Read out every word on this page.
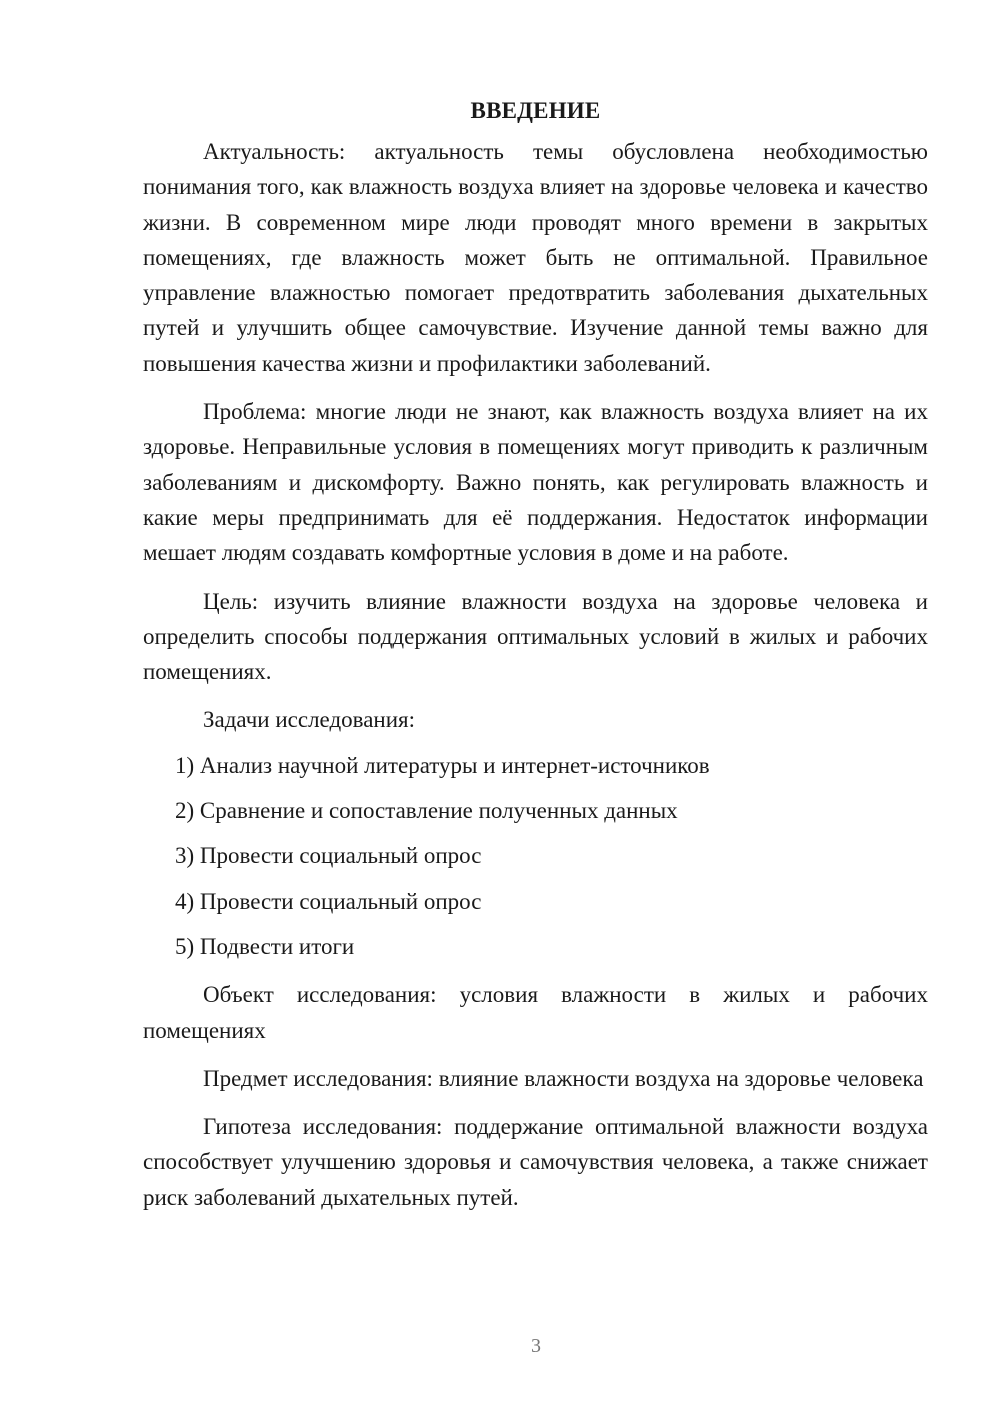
ВВЕДЕНИЕ

Актуальность: актуальность темы обусловлена необходимостью понимания того, как влажность воздуха влияет на здоровье человека и качество жизни. В современном мире люди проводят много времени в закрытых помещениях, где влажность может быть не оптимальной. Правильное управление влажностью помогает предотвратить заболевания дыхательных путей и улучшить общее самочувствие. Изучение данной темы важно для повышения качества жизни и профилактики заболеваний.

Проблема: многие люди не знают, как влажность воздуха влияет на их здоровье. Неправильные условия в помещениях могут приводить к различным заболеваниям и дискомфорту. Важно понять, как регулировать влажность и какие меры предпринимать для её поддержания. Недостаток информации мешает людям создавать комфортные условия в доме и на работе.

Цель: изучить влияние влажности воздуха на здоровье человека и определить способы поддержания оптимальных условий в жилых и рабочих помещениях.

Задачи исследования:

1) Анализ научной литературы и интернет-источников
2) Сравнение и сопоставление полученных данных
3) Провести социальный опрос
4) Провести социальный опрос
5) Подвести итоги

Объект исследования: условия влажности в жилых и рабочих помещениях

Предмет исследования: влияние влажности воздуха на здоровье человека

Гипотеза исследования: поддержание оптимальной влажности воздуха способствует улучшению здоровья и самочувствия человека, а также снижает риск заболеваний дыхательных путей.

3
